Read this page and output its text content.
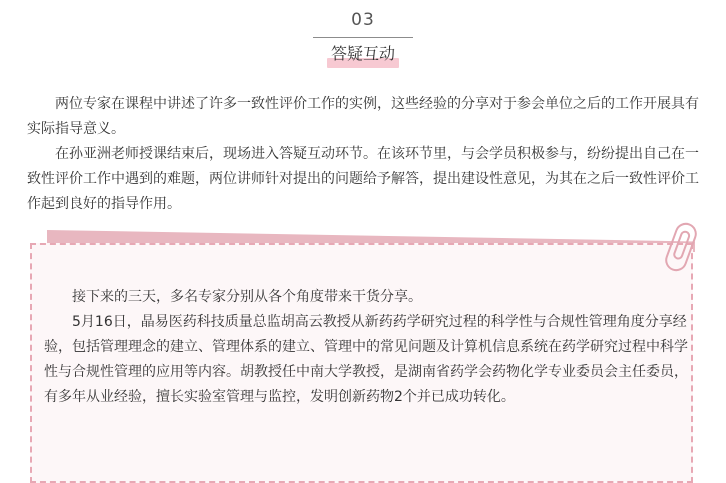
03
答疑互动

两位专家在课程中讲述了许多一致性评价工作的实例，这些经验的分享对于参会单位之后的工作开展具有实际指导意义。

在孙亚洲老师授课结束后，现场进入答疑互动环节。在该环节里，与会学员积极参与，纷纷提出自己在一致性评价工作中遇到的难题，两位讲师针对提出的问题给予解答，提出建设性意见，为其在之后一致性评价工作起到良好的指导作用。

接下来的三天，多名专家分别从各个角度带来干货分享。

5月16日，晶易医药科技质量总监胡高云教授从新药药学研究过程的科学性与合规性管理角度分享经验，包括管理理念的建立、管理体系的建立、管理中的常见问题及计算机信息系统在药学研究过程中科学性与合规性管理的应用等内容。胡教授任中南大学教授，是湖南省药学会药物化学专业委员会主任委员，有多年从业经验，擅长实验室管理与监控，发明创新药物2个并已成功转化。
